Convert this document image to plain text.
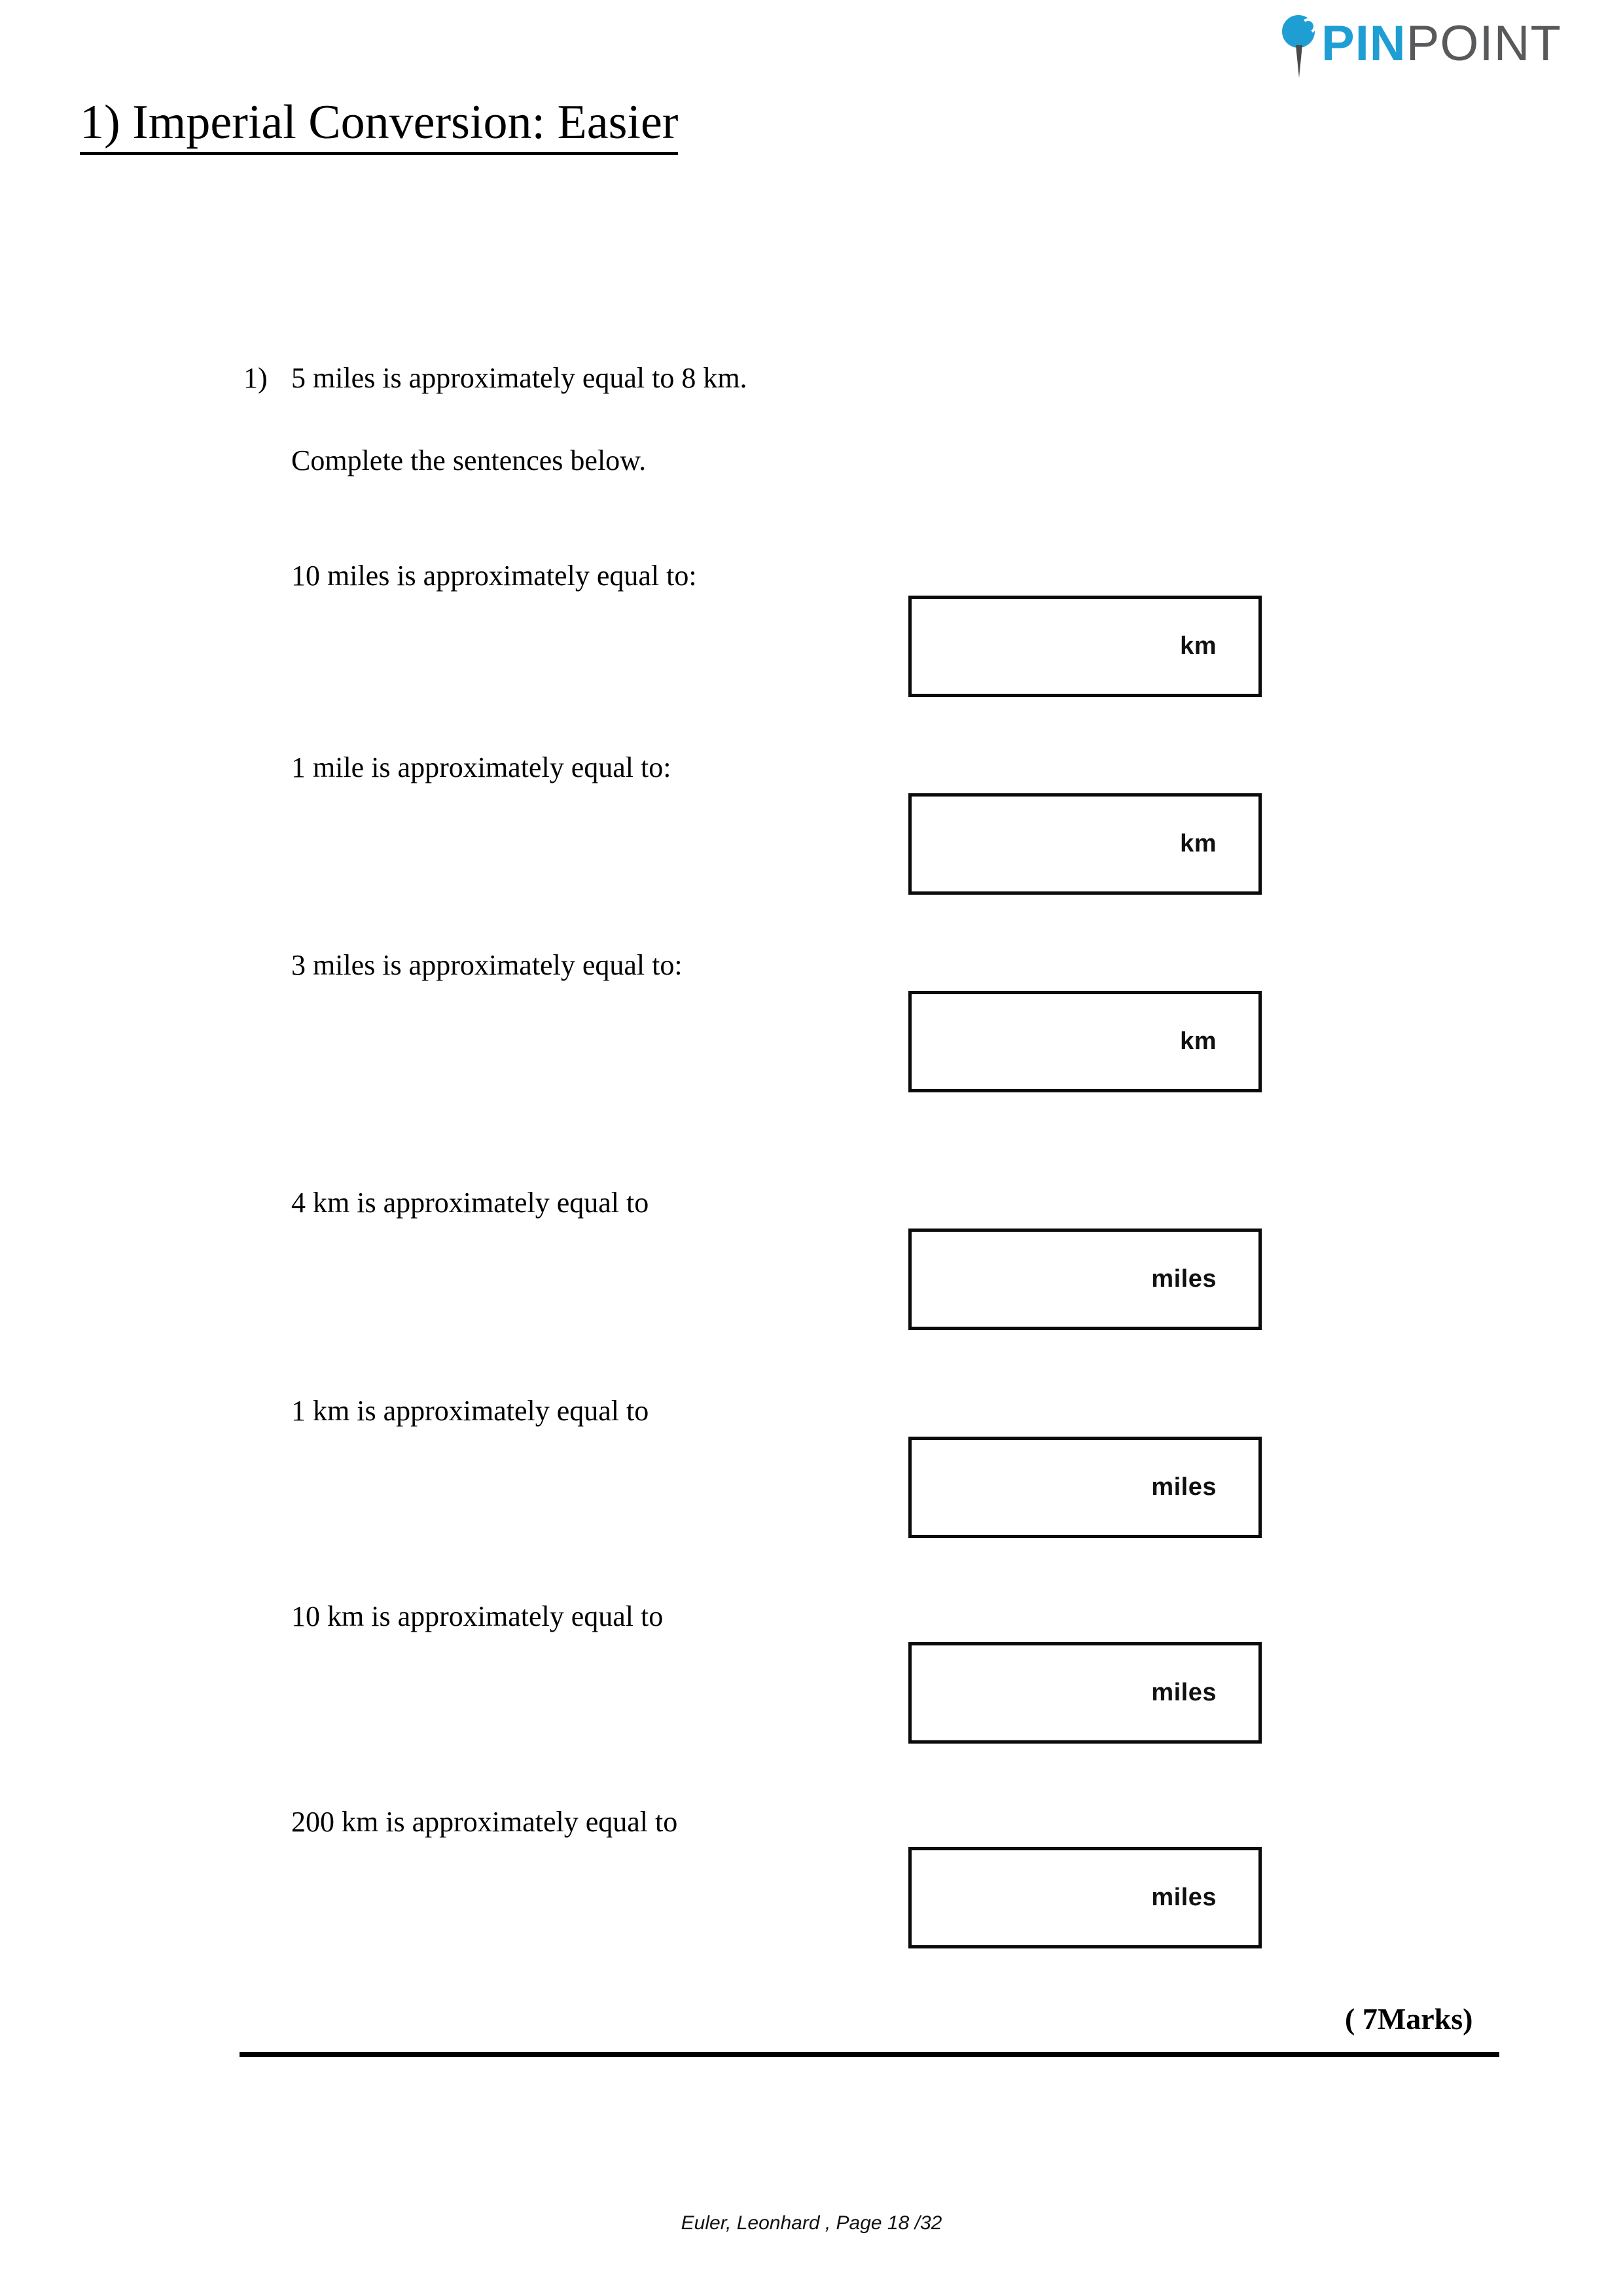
PINPOINT
1) Imperial Conversion: Easier
1) 5 miles is approximately equal to 8 km.
Complete the sentences below.
10 miles is approximately equal to:
km
1 mile is approximately equal to:
km
3 miles is approximately equal to:
km
4 km is approximately equal to
miles
1 km is approximately equal to
miles
10 km is approximately equal to
miles
200 km is approximately equal to
miles
( 7Marks)
Euler, Leonhard , Page 18 /32
